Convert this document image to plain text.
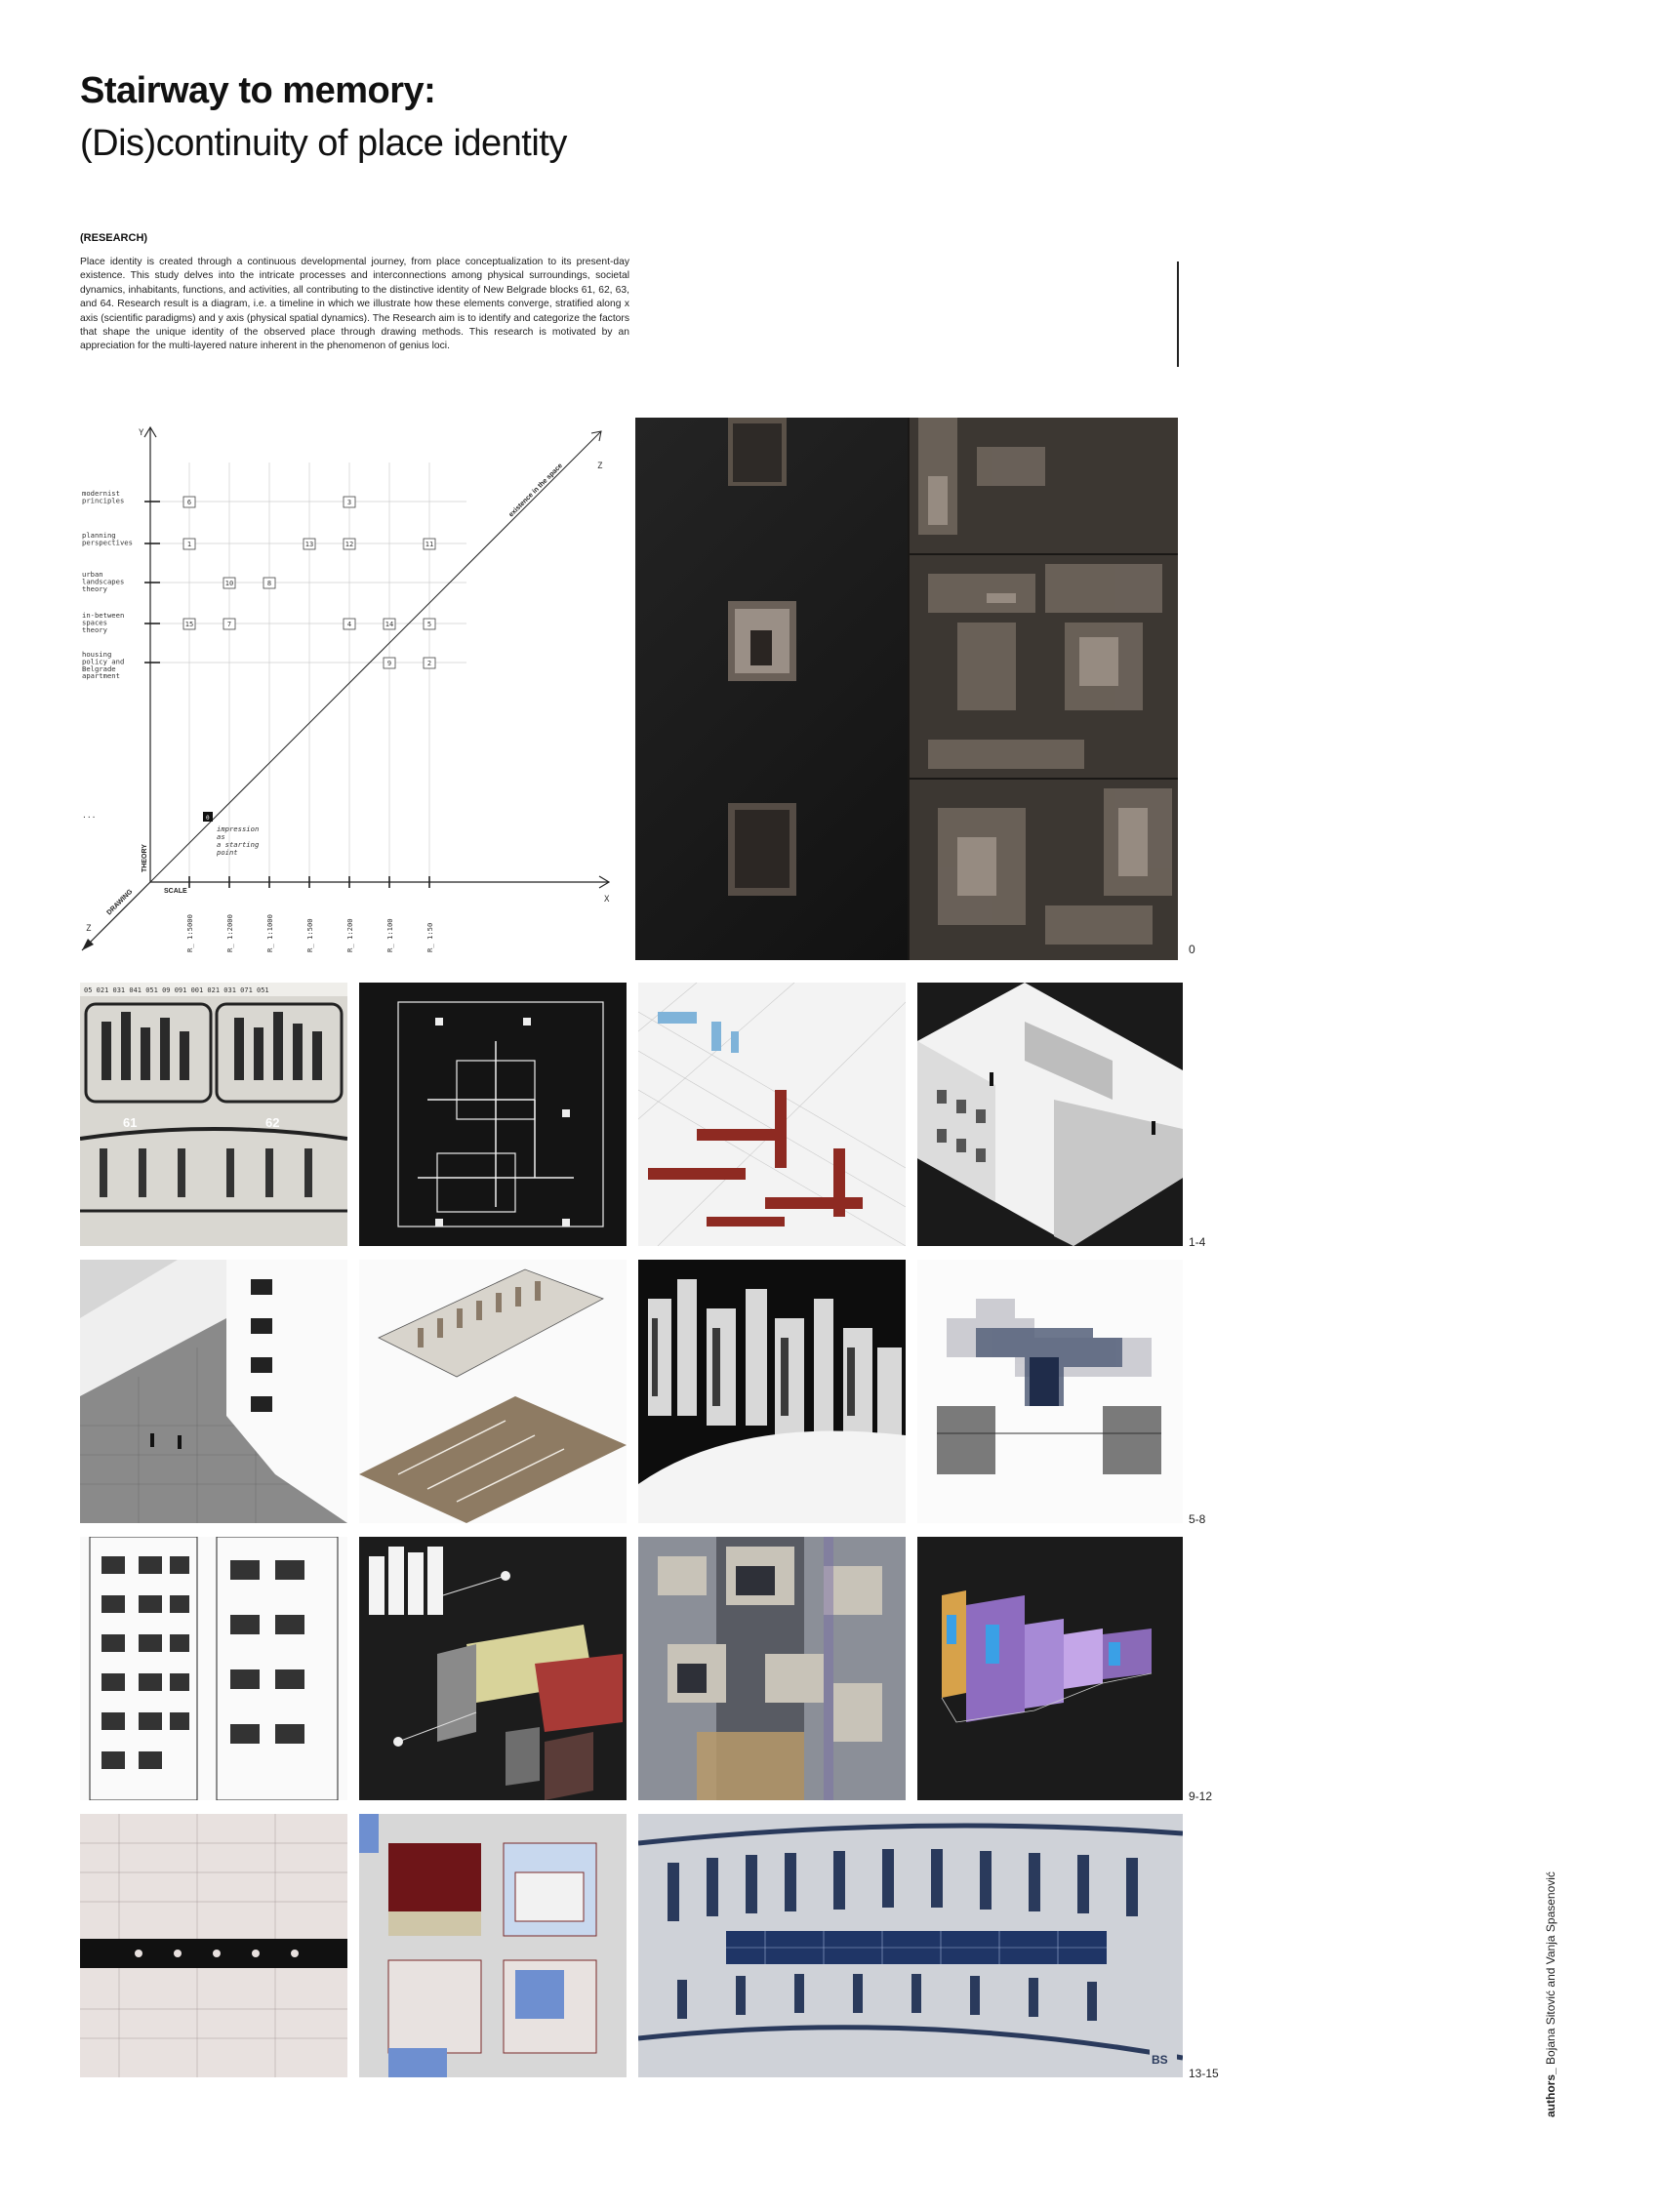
Stairway to memory:
(Dis)continuity of place identity
(RESEARCH)

Place identity is created through a continuous developmental journey, from place conceptualization to its present-day existence. This study delves into the intricate processes and interconnections among physical surroundings, societal dynamics, inhabitants, functions, and activities, all contributing to the distinctive identity of New Belgrade blocks 61, 62, 63, and 64. Research result is a diagram, i.e. a timeline in which we illustrate how these elements converge, stratified along x axis (scientific paradigms) and y axis (physical spatial dynamics). The Research aim is to identify and categorize the factors that shape the unique identity of the observed place through drawing methods. This research is motivated by an appreciation for the multi-layered nature inherent in the phenomenon of genius loci.

Y
X
Z
Z
existence in the space
THEORY
DRAWING	SCALE
...
modernist principles
planning perspectives
urban landscapes theory
in-between spaces theory
housing policy and Belgrade apartment
R_ 1:5000	R_ 1:2000	R_ 1:1000	R_ 1:500	R_ 1:200	R_ 1:100	R_ 1:50
6	3
1	13	12	11
10	8
15	7	4	14	5
9	2
0
impression
as
a starting
point
0
05 021 031 041 051 09 091 001 021 031 071 051
61	62
1-4
5-8
9-12
BS
13-15	authors_ Bojana Sitović and Vanja Spasenović
